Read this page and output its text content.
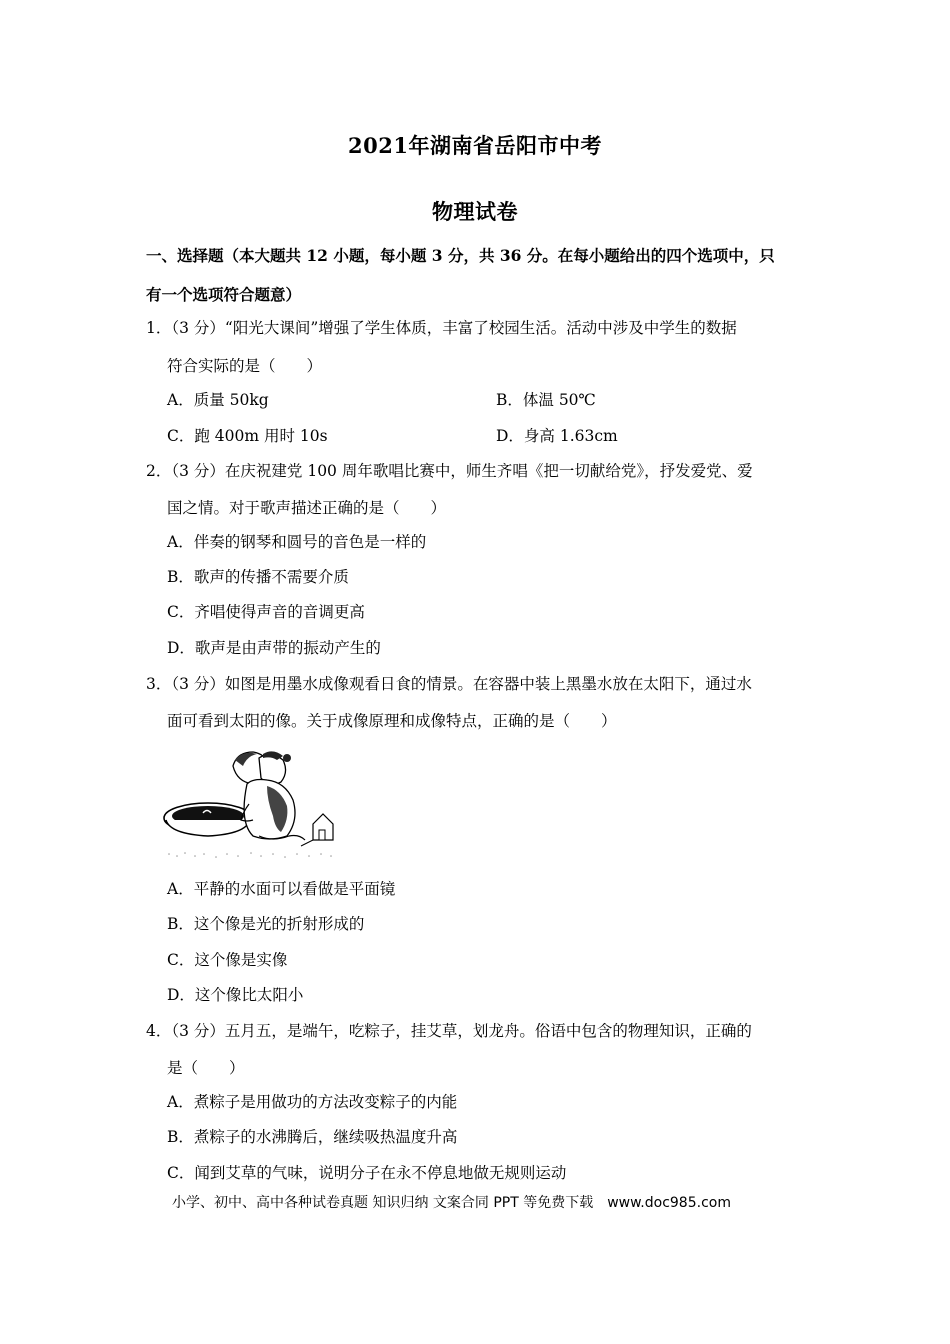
2021年湖南省岳阳市中考
物理试卷
一、选择题（本大题共 12 小题，每小题 3 分，共 36 分。在每小题给出的四个选项中，只
有一个选项符合题意）
1．（3 分）“阳光大课间”增强了学生体质，丰富了校园生活。活动中涉及中学生的数据
符合实际的是（　　）
A．质量 50kg	B．体温 50℃
C．跑 400m 用时 10s	D．身高 1.63cm
2．（3 分）在庆祝建党 100 周年歌唱比赛中，师生齐唱《把一切献给党》，抒发爱党、爱
国之情。对于歌声描述正确的是（　　）
A．伴奏的钢琴和圆号的音色是一样的
B．歌声的传播不需要介质
C．齐唱使得声音的音调更高
D．歌声是由声带的振动产生的
3．（3 分）如图是用墨水成像观看日食的情景。在容器中装上黑墨水放在太阳下，通过水
面可看到太阳的像。关于成像原理和成像特点，正确的是（　　）
A．平静的水面可以看做是平面镜
B．这个像是光的折射形成的
C．这个像是实像
D．这个像比太阳小
4．（3 分）五月五，是端午，吃粽子，挂艾草，划龙舟。俗语中包含的物理知识，正确的
是（　　）
A．煮粽子是用做功的方法改变粽子的内能
B．煮粽子的水沸腾后，继续吸热温度升高
C．闻到艾草的气味，说明分子在永不停息地做无规则运动
小学、初中、高中各种试卷真题 知识归纳 文案合同 PPT 等免费下载　www.doc985.com
